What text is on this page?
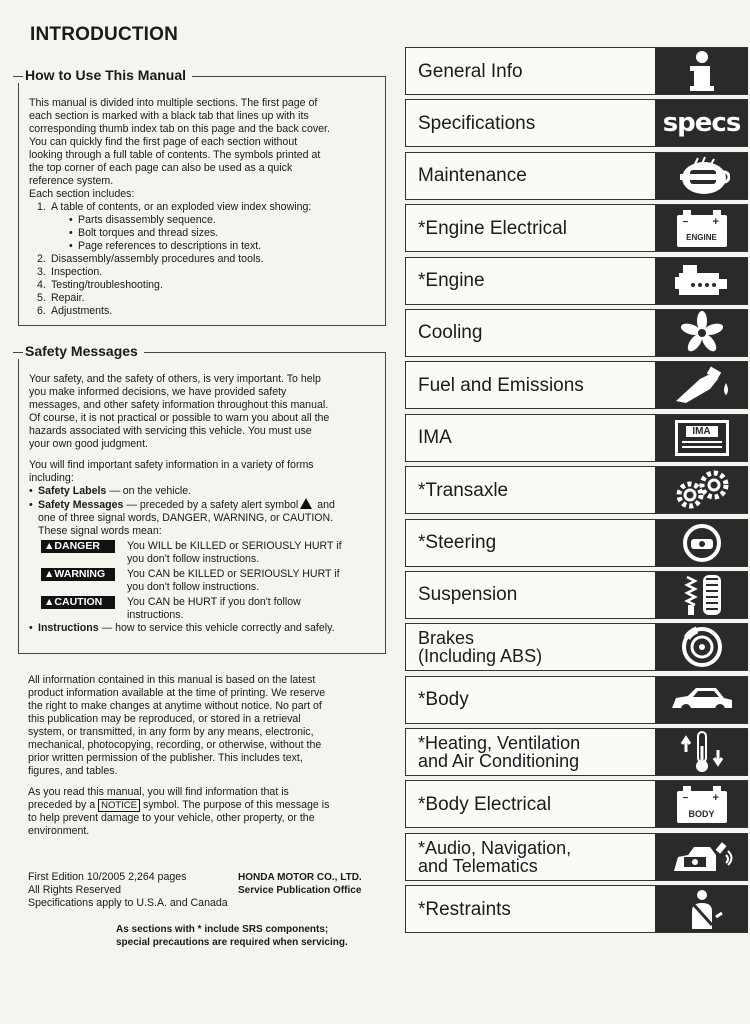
INTRODUCTION
How to Use This Manual
This manual is divided into multiple sections. The first page of
each section is marked with a black tab that lines up with its
corresponding thumb index tab on this page and the back cover.
You can quickly find the first page of each section without
looking through a full table of contents. The symbols printed at
the top corner of each page can also be used as a quick
reference system.
Each section includes:
1. A table of contents, or an exploded view index showing:
• Parts disassembly sequence.
• Bolt torques and thread sizes.
• Page references to descriptions in text.
2. Disassembly/assembly procedures and tools.
3. Inspection.
4. Testing/troubleshooting.
5. Repair.
6. Adjustments.
Safety Messages
Your safety, and the safety of others, is very important. To help
you make informed decisions, we have provided safety
messages, and other safety information throughout this manual.
Of course, it is not practical or possible to warn you about all the
hazards associated with servicing this vehicle. You must use
your own good judgment.
You will find important safety information in a variety of forms
including:
• Safety Labels — on the vehicle.
• Safety Messages — preceded by a safety alert symbol and
one of three signal words, DANGER, WARNING, or CAUTION.
These signal words mean:
▲DANGER	You WILL be KILLED or SERIOUSLY HURT if
you don't follow instructions.
▲WARNING	You CAN be KILLED or SERIOUSLY HURT if
you don't follow instructions.
▲CAUTION	You CAN be HURT if you don't follow
instructions.
• Instructions — how to service this vehicle correctly and safely.
All information contained in this manual is based on the latest
product information available at the time of printing. We reserve
the right to make changes at anytime without notice. No part of
this publication may be reproduced, or stored in a retrieval
system, or transmitted, in any form by any means, electronic,
mechanical, photocopying, recording, or otherwise, without the
prior written permission of the publisher. This includes text,
figures, and tables.
As you read this manual, you will find information that is
preceded by a NOTICE symbol. The purpose of this message is
to help prevent damage to your vehicle, other property, or the
environment.
First Edition 10/2005 2,264 pages
All Rights Reserved
Specifications apply to U.S.A. and Canada
HONDA MOTOR CO., LTD.
Service Publication Office
As sections with * include SRS components;
special precautions are required when servicing.
General Info
Specifications	specs
Maintenance
*Engine Electrical	− +
ENGINE
*Engine
Cooling
Fuel and Emissions
IMA	IMA
*Transaxle
*Steering
Suspension
Brakes
(Including ABS)
*Body
*Heating, Ventilation
and Air Conditioning
*Body Electrical	− +
BODY
*Audio, Navigation,
and Telematics
*Restraints
